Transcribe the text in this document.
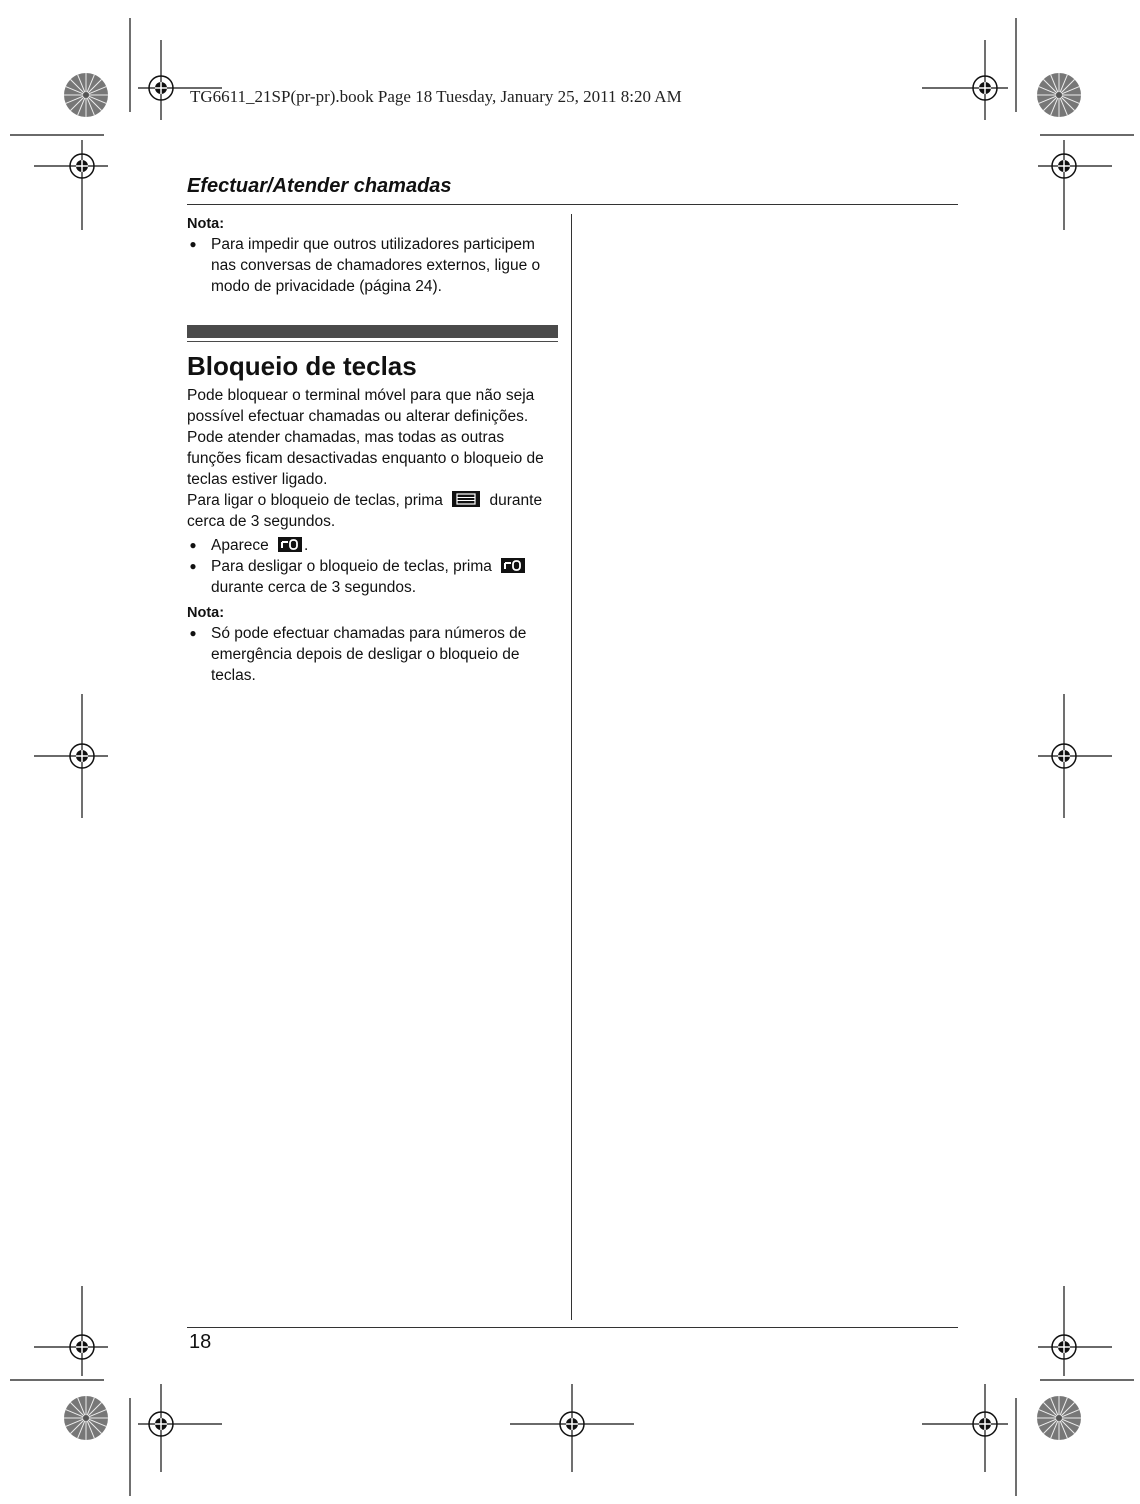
TG6611_21SP(pr-pr).book Page 18 Tuesday, January 25, 2011 8:20 AM
Efectuar/Atender chamadas
Nota:
● Para impedir que outros utilizadores participem nas conversas de chamadores externos, ligue o modo de privacidade (página 24).
Bloqueio de teclas
Pode bloquear o terminal móvel para que não seja possível efectuar chamadas ou alterar definições. Pode atender chamadas, mas todas as outras funções ficam desactivadas enquanto o bloqueio de teclas estiver ligado.
Para ligar o bloqueio de teclas, prima	durante cerca de 3 segundos.
● Aparece .
● Para desligar o bloqueio de teclas, prima  durante cerca de 3 segundos.
Nota:
● Só pode efectuar chamadas para números de emergência depois de desligar o bloqueio de teclas.
18
